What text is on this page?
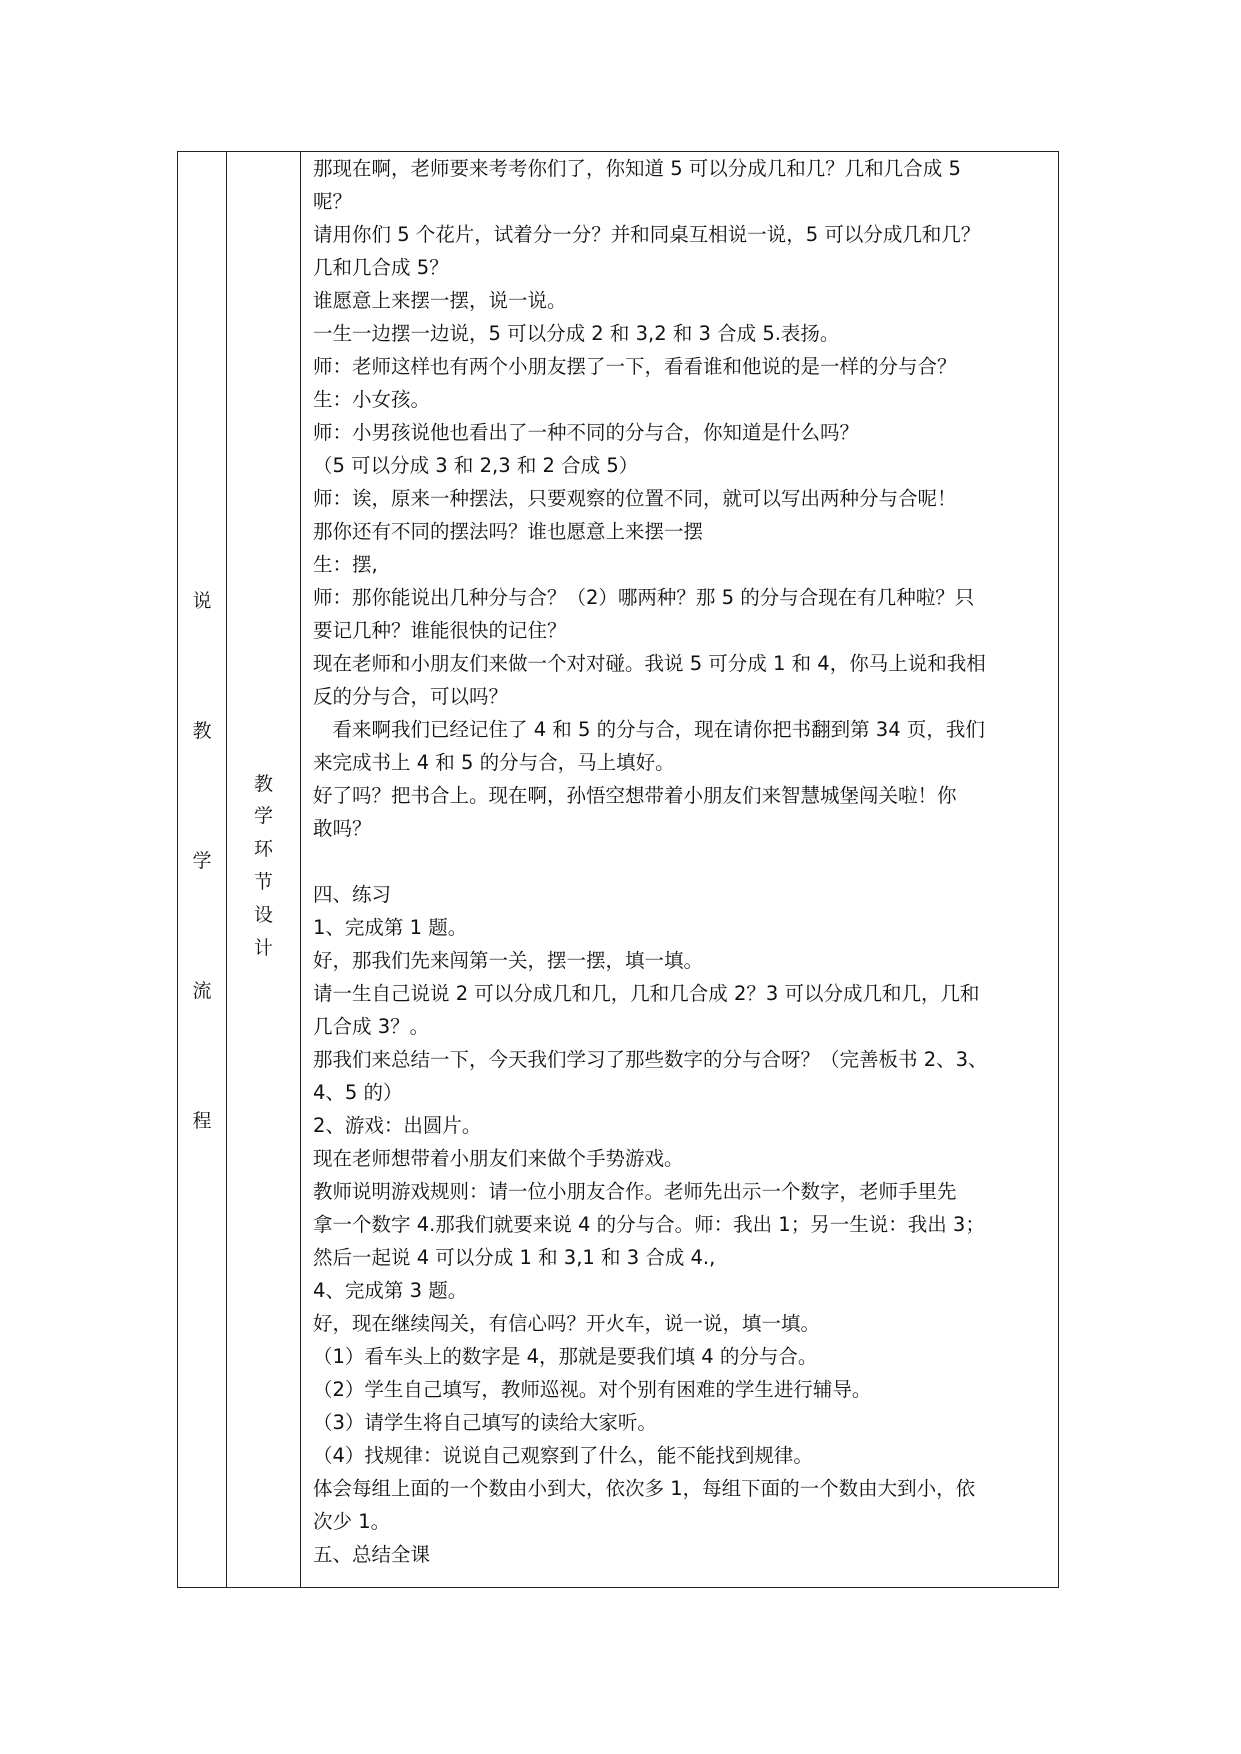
说
教
学
流
程
教
学
环
节
设
计
那现在啊，老师要来考考你们了，你知道 5 可以分成几和几？几和几合成 5
呢？
请用你们 5 个花片，试着分一分？并和同桌互相说一说，5 可以分成几和几？
几和几合成 5？
谁愿意上来摆一摆，说一说。
一生一边摆一边说，5 可以分成 2 和 3,2 和 3 合成 5.表扬。
师：老师这样也有两个小朋友摆了一下，看看谁和他说的是一样的分与合？
生：小女孩。
师：小男孩说他也看出了一种不同的分与合，你知道是什么吗？
（5 可以分成 3 和 2,3 和 2 合成 5）
师：诶，原来一种摆法，只要观察的位置不同，就可以写出两种分与合呢！
那你还有不同的摆法吗？谁也愿意上来摆一摆
生：摆,
师：那你能说出几种分与合？（2）哪两种？那 5 的分与合现在有几种啦？只
要记几种？谁能很快的记住？
现在老师和小朋友们来做一个对对碰。我说 5 可分成 1 和 4，你马上说和我相
反的分与合，可以吗？
　看来啊我们已经记住了 4 和 5 的分与合，现在请你把书翻到第 34 页，我们
来完成书上 4 和 5 的分与合，马上填好。
好了吗？把书合上。现在啊，孙悟空想带着小朋友们来智慧城堡闯关啦！你
敢吗？
四、练习
1、完成第 1 题。
好，那我们先来闯第一关，摆一摆，填一填。
请一生自己说说 2 可以分成几和几，几和几合成 2？3 可以分成几和几，几和
几合成 3？。
那我们来总结一下，今天我们学习了那些数字的分与合呀？（完善板书 2、3、
4、5 的）
2、游戏：出圆片。
现在老师想带着小朋友们来做个手势游戏。
教师说明游戏规则：请一位小朋友合作。老师先出示一个数字，老师手里先
拿一个数字 4.那我们就要来说 4 的分与合。师：我出 1；另一生说：我出 3；
然后一起说 4 可以分成 1 和 3,1 和 3 合成 4.,
4、完成第 3 题。
好，现在继续闯关，有信心吗？开火车，说一说，填一填。
（1）看车头上的数字是 4，那就是要我们填 4 的分与合。
（2）学生自己填写，教师巡视。对个别有困难的学生进行辅导。
（3）请学生将自己填写的读给大家听。
（4）找规律：说说自己观察到了什么，能不能找到规律。
体会每组上面的一个数由小到大，依次多 1，每组下面的一个数由大到小，依
次少 1。
五、总结全课
